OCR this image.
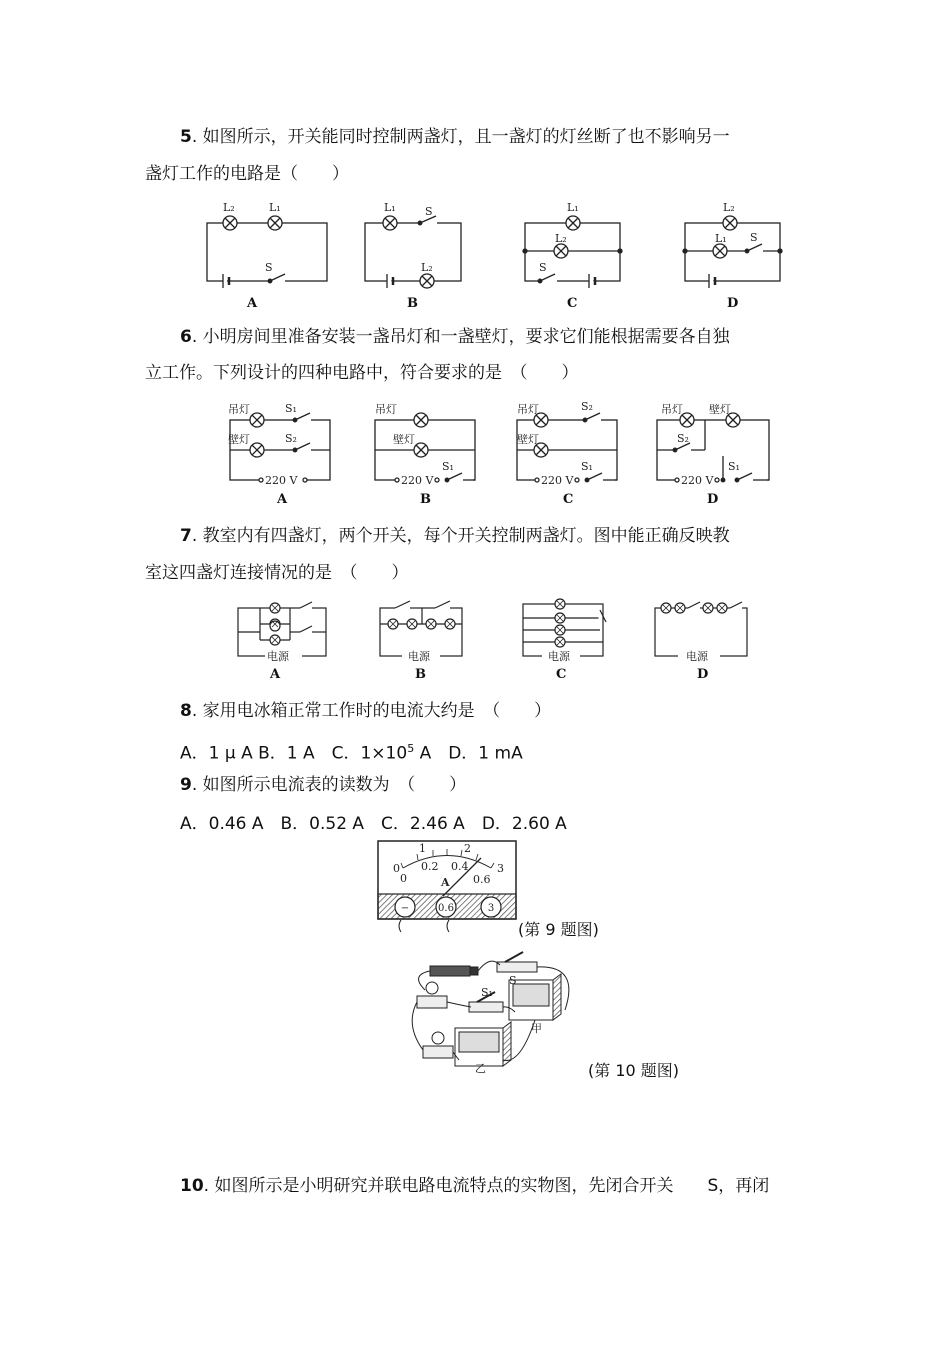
5. 如图所示，开关能同时控制两盏灯，且一盏灯的灯丝断了也不影响另一
盏灯工作的电路是（　　）
L₂	L₁
S
L₁	S
L₂
L₁
L₂
S
L₂
L₁ S
A	B	C	D
6. 小明房间里准备安装一盏吊灯和一盏壁灯，要求它们能根据需要各自独
立工作。下列设计的四种电路中，符合要求的是　（　　）
吊灯	S₁
壁灯	S₂
220 V
吊灯
壁灯
S₁
220 V
吊灯	S₂
壁灯
S₁
220 V
吊灯 壁灯
S₂
S₁
220 V
A	B	C	D
7. 教室内有四盏灯，两个开关，每个开关控制两盏灯。图中能正确反映教
室这四盏灯连接情况的是　（　　）
电源	电源	电源	电源
A	B	C	D
8. 家用电冰箱正常工作时的电流大约是　（　　）
A．1 μ A B．1 A　C．$1\times 10^5$ A　D．1 mA
9. 如图所示电流表的读数为　（　　）
A．0.46 A　B．0.52 A　C．2.46 A　D．2.60 A
0
1	2
3
0
0.2 0.4
0.6
A
−	0.6	3
(第 9 题图)
S
S₁
甲
乙	(第 10 题图)
10. 如图所示是小明研究并联电路电流特点的实物图，先闭合开关　　S，再闭
